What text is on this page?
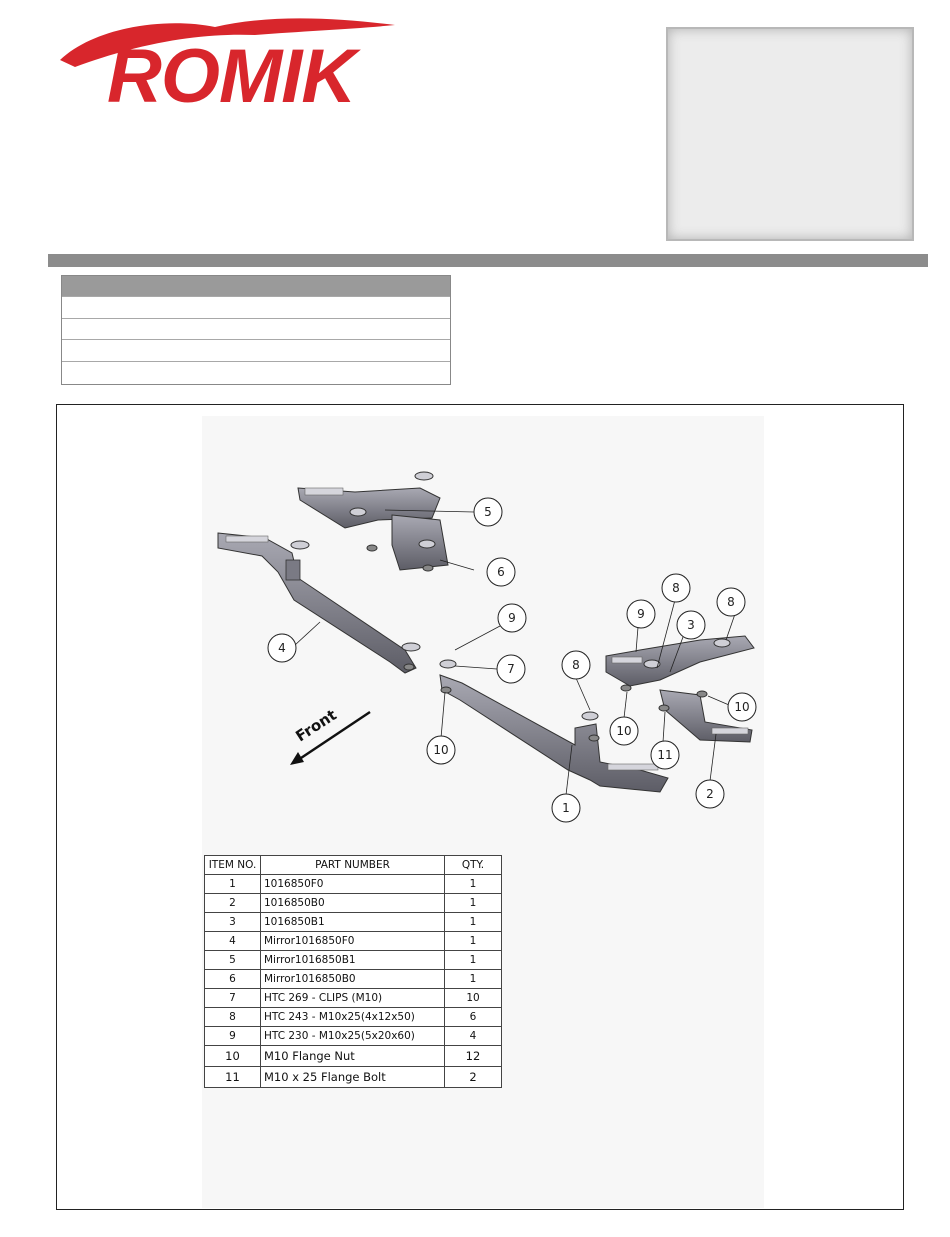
ROMIK
Front
5
6
4
9
7
10
1
8
9
8
3
8
10
10
11
2
ITEM NO.	PART NUMBER	QTY.
1	1016850F0	1
2	1016850B0	1
3	1016850B1	1
4	Mirror1016850F0	1
5	Mirror1016850B1	1
6	Mirror1016850B0	1
7	HTC 269 - CLIPS (M10)	10
8	HTC 243 - M10x25(4x12x50)	6
9	HTC 230 - M10x25(5x20x60)	4
10	M10 Flange Nut	12
11	M10 x 25 Flange Bolt	2
